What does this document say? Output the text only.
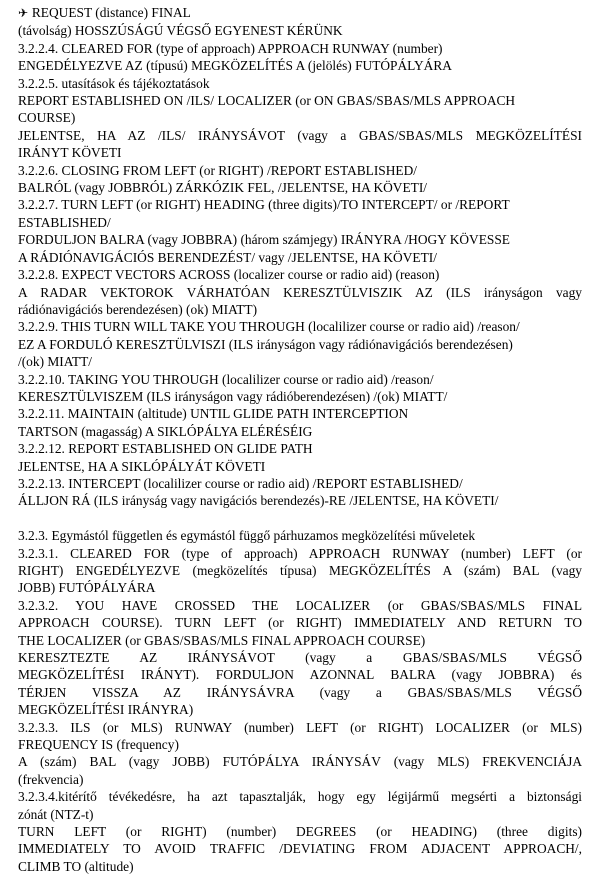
✈ REQUEST (distance) FINAL
(távolság) HOSSZÚSÁGÚ VÉGSŐ EGYENEST KÉRÜNK
3.2.2.4. CLEARED FOR (type of approach) APPROACH RUNWAY (number)
ENGEDÉLYEZVE AZ (típusú) MEGKÖZELÍTÉS A (jelölés) FUTÓPÁLYÁRA
3.2.2.5. utasítások és tájékoztatások
REPORT ESTABLISHED ON /ILS/ LOCALIZER (or ON GBAS/SBAS/MLS APPROACH
COURSE)
JELENTSE, HA AZ /ILS/ IRÁNYSÁVOT (vagy a GBAS/SBAS/MLS MEGKÖZELÍTÉSI
IRÁNYT KÖVETI
3.2.2.6. CLOSING FROM LEFT (or RIGHT) /REPORT ESTABLISHED/
BALRÓL (vagy JOBBRÓL) ZÁRKÓZIK FEL, /JELENTSE, HA KÖVETI/
3.2.2.7. TURN LEFT (or RIGHT) HEADING (three digits)/TO INTERCEPT/ or /REPORT
ESTABLISHED/
FORDULJON BALRA (vagy JOBBRA) (három számjegy) IRÁNYRA /HOGY KÖVESSE
A RÁDIÓNAVIGÁCIÓS BERENDEZÉST/ vagy /JELENTSE, HA KÖVETI/
3.2.2.8. EXPECT VECTORS ACROSS (localizer course or radio aid) (reason)
A RADAR VEKTOROK VÁRHATÓAN KERESZTÜLVISZIK AZ (ILS irányságon vagy
rádiónavigációs berendezésen) (ok) MIATT)
3.2.2.9. THIS TURN WILL TAKE YOU THROUGH (localilizer course or radio aid) /reason/
EZ A FORDULÓ KERESZTÜLVISZI (ILS irányságon vagy rádiónavigációs berendezésen)
/(ok) MIATT/
3.2.2.10. TAKING YOU THROUGH (localilizer course or radio aid) /reason/
KERESZTÜLVISZEM (ILS irányságon vagy rádióberendezésen) /(ok) MIATT/
3.2.2.11. MAINTAIN (altitude) UNTIL GLIDE PATH INTERCEPTION
TARTSON (magasság) A SIKLÓPÁLYA ELÉRÉSÉIG
3.2.2.12. REPORT ESTABLISHED ON GLIDE PATH
JELENTSE, HA A SIKLÓPÁLYÁT KÖVETI
3.2.2.13. INTERCEPT (localilizer course or radio aid) /REPORT ESTABLISHED/
ÁLLJON RÁ (ILS irányság vagy navigációs berendezés)-RE /JELENTSE, HA KÖVETI/
3.2.3. Egymástól független és egymástól függő párhuzamos megközelítési műveletek
3.2.3.1. CLEARED FOR (type of approach) APPROACH RUNWAY (number) LEFT (or
RIGHT) ENGEDÉLYEZVE (megközelítés típusa) MEGKÖZELÍTÉS A (szám) BAL (vagy
JOBB) FUTÓPÁLYÁRA
3.2.3.2. YOU HAVE CROSSED THE LOCALIZER (or GBAS/SBAS/MLS FINAL
APPROACH COURSE). TURN LEFT (or RIGHT) IMMEDIATELY AND RETURN TO
THE LOCALIZER (or GBAS/SBAS/MLS FINAL APPROACH COURSE)
KERESZTEZTE AZ IRÁNYSÁVOT (vagy a GBAS/SBAS/MLS VÉGSŐ
MEGKÖZELÍTÉSI IRÁNYT). FORDULJON AZONNAL BALRA (vagy JOBBRA) és
TÉRJEN VISSZA AZ IRÁNYSÁVRA (vagy a GBAS/SBAS/MLS VÉGSŐ
MEGKÖZELÍTÉSI IRÁNYRA)
3.2.3.3. ILS (or MLS) RUNWAY (number) LEFT (or RIGHT) LOCALIZER (or MLS)
FREQUENCY IS (frequency)
A (szám) BAL (vagy JOBB) FUTÓPÁLYA IRÁNYSÁV (vagy MLS) FREKVENCIÁJA
(frekvencia)
3.2.3.4.kitérítő tévékedésre, ha azt tapasztalják, hogy egy légijármű megsérti a biztonsági
zónát (NTZ-t)
TURN LEFT (or RIGHT) (number) DEGREES (or HEADING) (three digits)
IMMEDIATELY TO AVOID TRAFFIC /DEVIATING FROM ADJACENT APPROACH/,
CLIMB TO (altitude)
